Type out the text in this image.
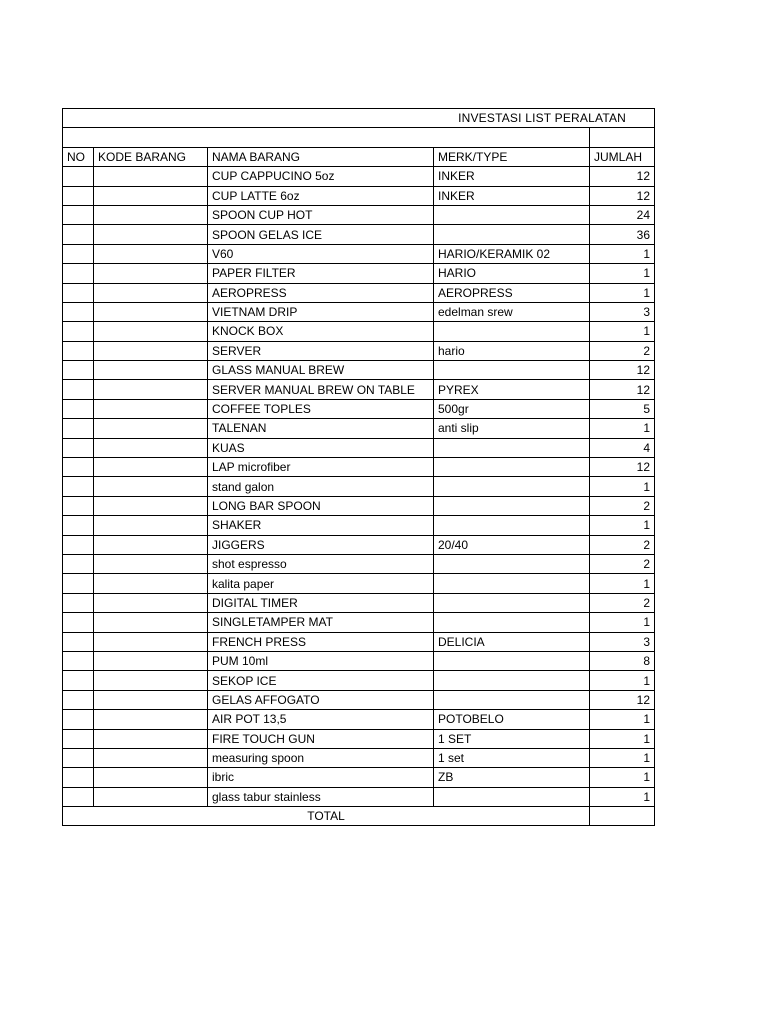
INVESTASI LIST PERALATAN				

NO	KODE BARANG	NAMA BARANG	MERK/TYPE	JUMLAH
		CUP CAPPUCINO 5oz	INKER	12
		CUP LATTE 6oz	INKER	12
		SPOON CUP HOT		24
		SPOON GELAS ICE		36
		V60	HARIO/KERAMIK 02	1
		PAPER FILTER	HARIO	1
		AEROPRESS	AEROPRESS	1
		VIETNAM DRIP	edelman srew	3
		KNOCK BOX		1
		SERVER	hario	2
		GLASS MANUAL BREW		12
		SERVER MANUAL BREW ON TABLE	PYREX	12
		COFFEE TOPLES	500gr	5
		TALENAN	anti slip	1
		KUAS		4
		LAP microfiber		12
		stand galon		1
		LONG BAR SPOON		2
		SHAKER		1
		JIGGERS	20/40	2
		shot espresso		2
		kalita paper		1
		DIGITAL TIMER		2
		SINGLETAMPER MAT		1
		FRENCH PRESS	DELICIA	3
		PUM 10ml		8
		SEKOP ICE		1
		GELAS AFFOGATO		12
		AIR POT 13,5	POTOBELO	1
		FIRE TOUCH GUN	1 SET	1
		measuring spoon	1 set	1
		ibric	ZB	1
		glass tabur stainless		1
TOTAL				
